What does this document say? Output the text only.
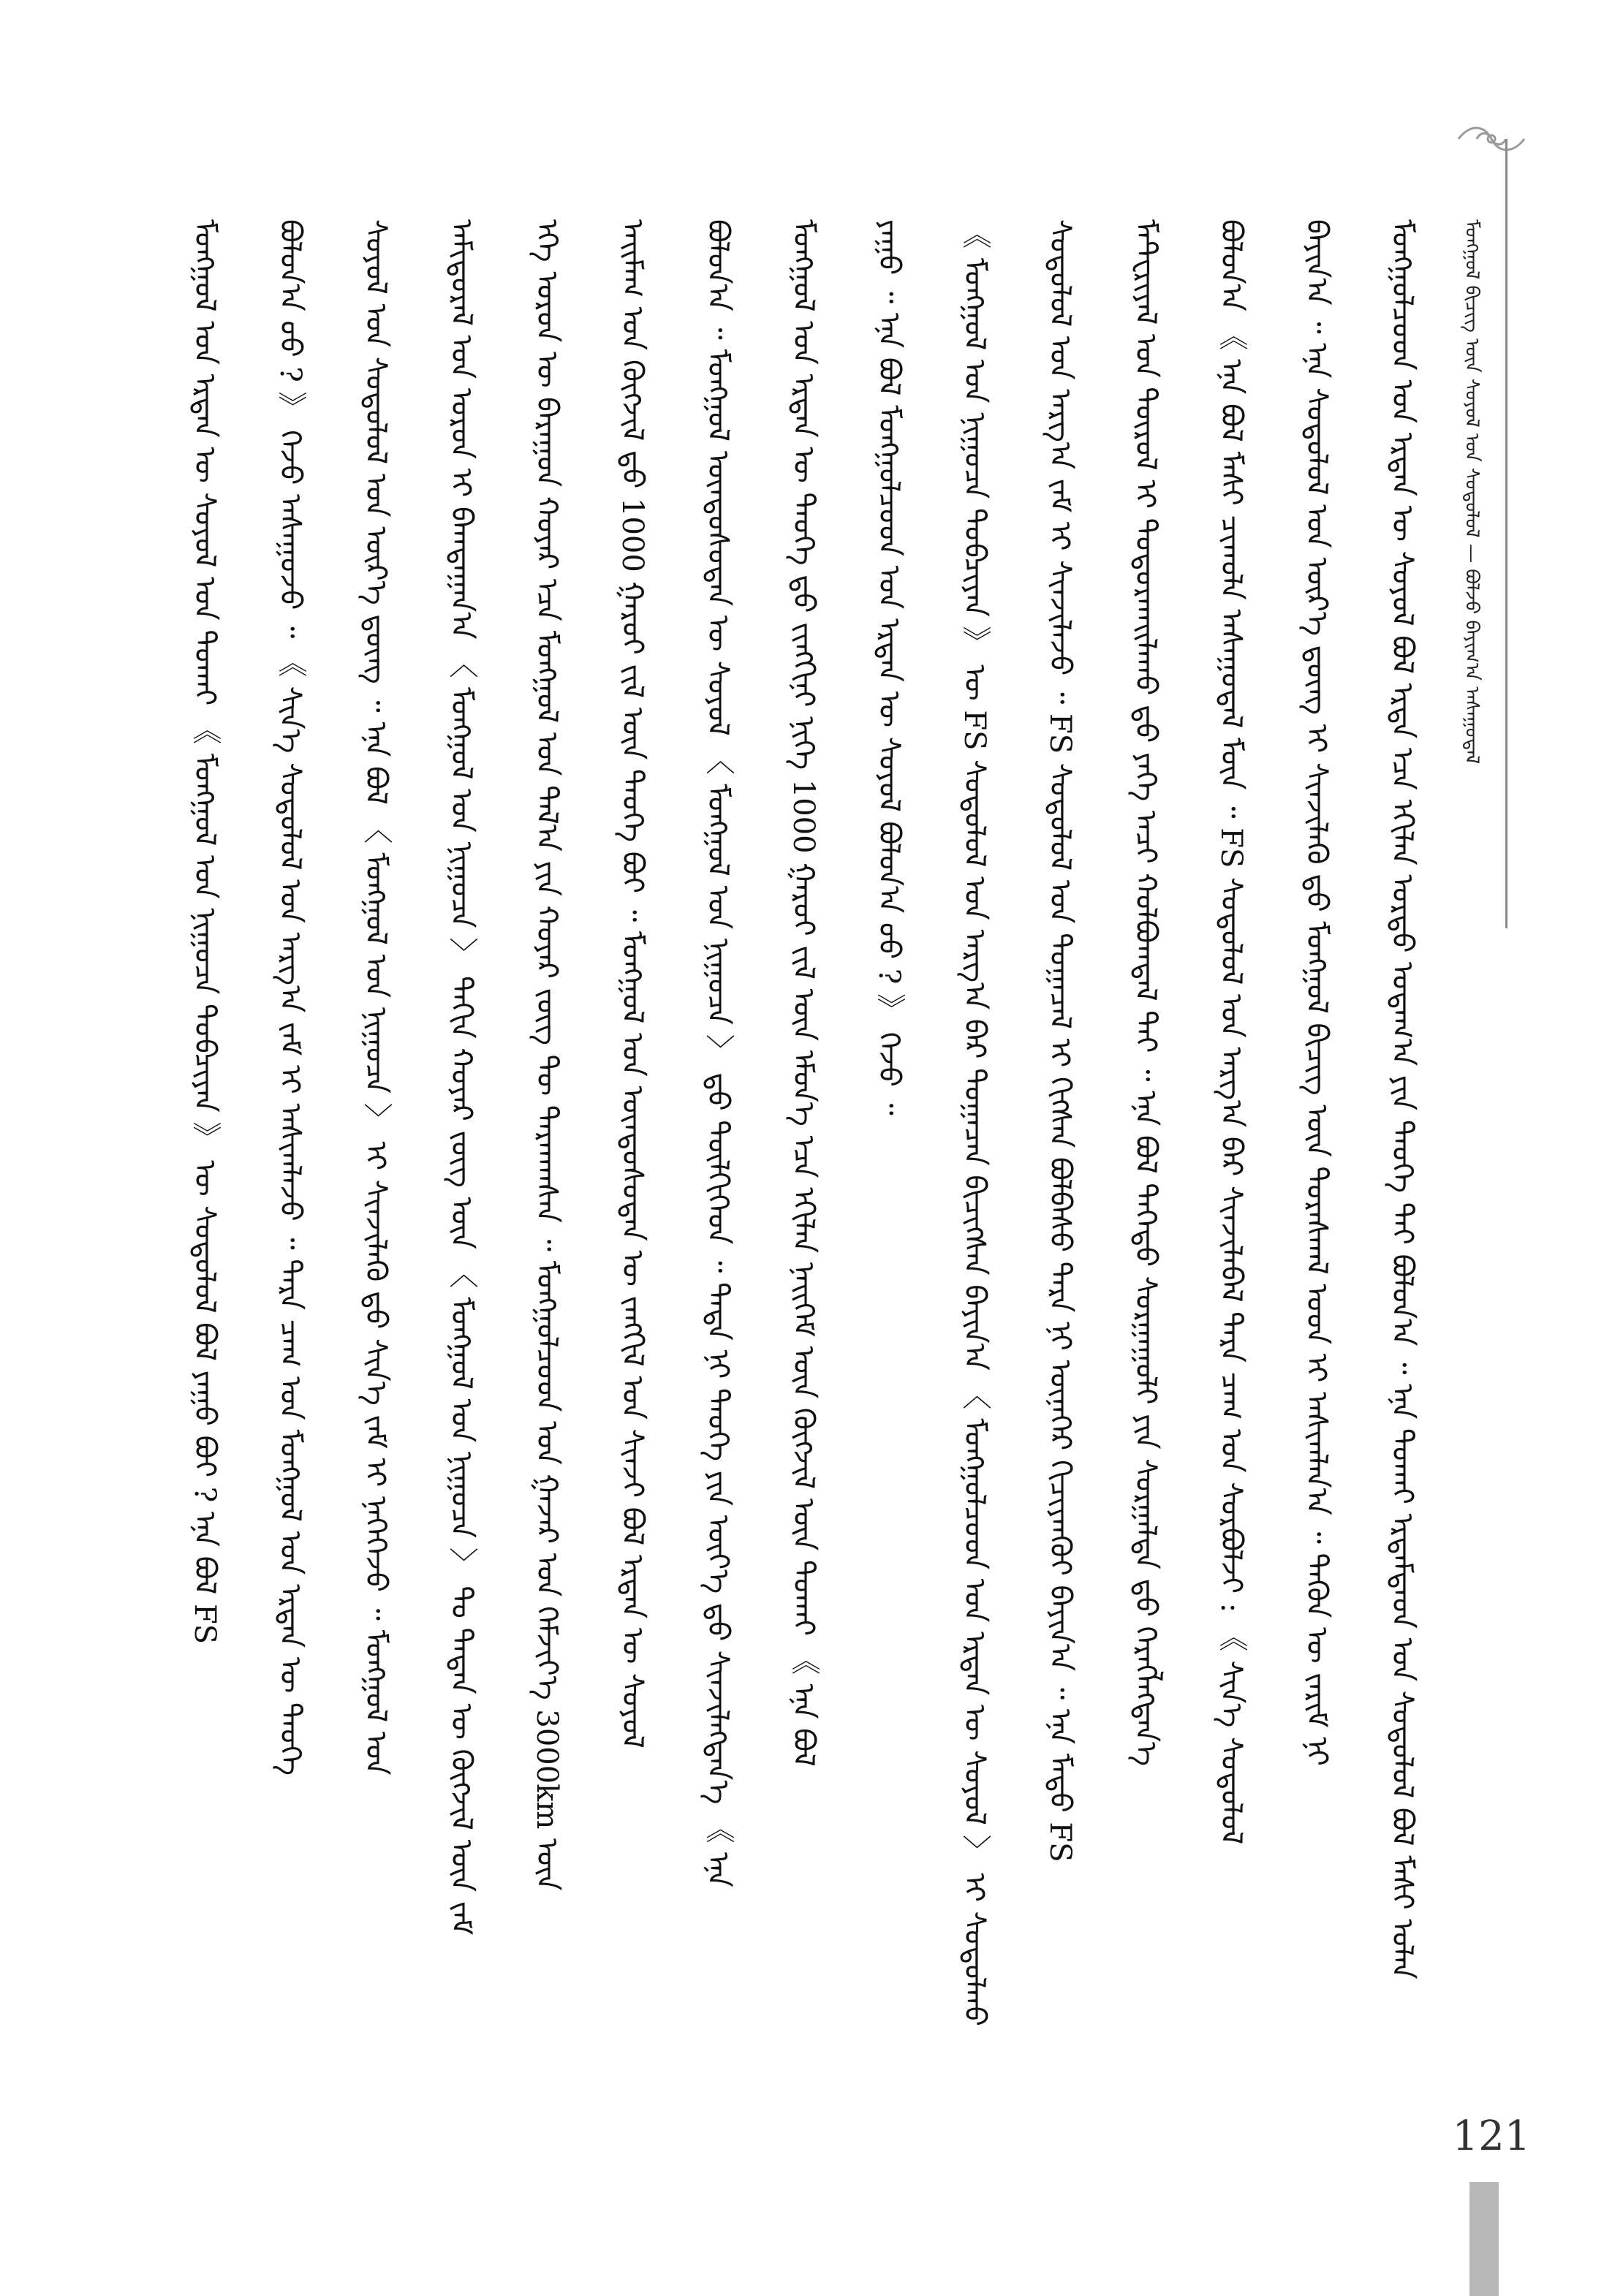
ᠮᠣᠩᠭᠣᠯ ᠪᠢᠴᠢᠭ᠌ ᠦᠨ ᠰᠣᠶᠣᠯ ᠤᠨ ᠰᠤᠳᠤᠯᠤᠯ — ᠪᠣᠯᠵᠤ ᠪᠠᠶᠢᠭ᠎ᠠ ᠠᠰᠠᠭᠤᠳᠠᠯ
ᠮᠣᠩᠭᠣᠯᠴᠤᠳ ᠤᠨ ᠡᠷᠲᠡᠨ ᠦ ᠰᠣᠶᠣᠯ ᠪᠣᠯ ᠡᠷᠲᠡ ᠡᠴᠡ ᠡᠬᠢᠯᠡᠨ ᠤᠷᠲᠤ ᠤᠳᠠᠭ᠎ᠠ ᠶᠢᠨ ᠲᠡᠦᠬᠡ ᠲᠠᠢ ᠪᠣᠯᠤᠨ᠎ᠠ ᠃ ᠡᠨᠡ ᠲᠤᠬᠠᠢ ᠡᠷᠳᠡᠮᠲᠡᠳ ᠤᠨ ᠰᠤᠳᠤᠯᠤᠯ ᠪᠣᠯ ᠮᠠᠰᠢ ᠣᠯᠠᠨ
ᠪᠠᠶᠢᠨ᠎ᠠ ᠃ ᠡᠨᠡ ᠰᠤᠳᠤᠯᠤᠯ ᠤᠨ ᠦᠷ᠎ᠡ ᠳ᠋ᠦᠩ ᠢ ᠰᠢᠨᠵᠢᠯᠡᠬᠦ ᠳ᠋ᠤ ᠮᠣᠩᠭᠣᠯ ᠪᠢᠴᠢᠭ᠌ ᠦᠨ ᠳᠤᠷᠠᠰᠬᠠᠯ ᠤᠳ ᠢ ᠠᠰᠢᠭᠯᠠᠨ᠎ᠠ ᠃ ᠲᠡᠭᠦᠨ ᠦ ᠵᠠᠷᠢᠮ ᠨᠢ
ᠪᠣᠯᠤᠨ᠎ᠠ 《 ᠡᠨᠡ ᠪᠣᠯ ᠮᠠᠰᠢ ᠴᠢᠬᠤᠯᠠ ᠠᠰᠠᠭᠤᠳᠠᠯ ᠮᠥᠨ ᠃ FS ᠰᠤᠳᠤᠯᠤᠯ ᠤᠨ ᠠᠷᠭ᠎ᠠ ᠪᠠᠷ ᠰᠢᠨᠵᠢᠯᠡᠪᠡᠯ ᠲᠡᠷᠡ ᠴᠠᠭ ᠤᠨ ᠰᠤᠷᠪᠤᠯᠵᠢ : 《 ᠰᠢᠨ᠎ᠡ ᠰᠤᠳᠤᠯᠤᠯ
ᠮᠠᠲᠧᠷᠢᠶᠠᠯ ᠤᠨ ᠲᠦᠷᠦᠯ ᠢ ᠲᠣᠳᠤᠷᠬᠠᠢᠯᠠᠬᠤ ᠳ᠋ᠤ ᠶᠡᠬᠡ ᠠᠴᠢ ᠬᠣᠯᠪᠣᠭᠳᠠᠯ ᠲᠠᠢ ᠃ ᠡᠨᠡ ᠪᠣᠯ ᠳᠡᠭᠡᠳᠦ ᠰᠤᠷᠭᠠᠭᠤᠯᠢ ᠶᠢᠨ ᠰᠤᠷᠭᠠᠯᠲᠠ ᠳ᠋ᠤ ᠬᠡᠷᠡᠭᠯᠡᠭᠳᠡᠨ᠎ᠡ
ᠰᠤᠳᠤᠯᠤᠯ ᠤᠨ ᠠᠷᠭ᠎ᠠ ᠵᠠᠮ ᠢ ᠰᠢᠨᠵᠢᠯᠡᠵᠦ ᠃ FS ᠰᠤᠳᠤᠯᠤᠯ ᠤᠨ ᠲᠣᠭᠠᠴᠠᠯ ᠢ ᠬᠢᠭᠰᠡᠨ ᠪᠣᠯᠪᠠᠰᠤ ᠲᠡᠷᠡ ᠨᠢ ᠦᠨᠡᠬᠡᠷ ᠬᠢᠴᠢᠶᠡᠨᠭᠦᠢ ᠪᠠᠶᠢᠨ᠎ᠠ ᠃ ᠡᠨᠡ ᠮᠡᠲᠦ FS
《 ᠮᠣᠩᠭᠣᠯ ᠤᠨ ᠨᠢᠭᠤᠴᠠ ᠲᠣᠪᠴᠢᠶᠠᠨ 》 ᠦ FS ᠰᠤᠳᠤᠯᠤᠯ ᠤᠨ ᠠᠷᠭ᠎ᠠ ᠪᠠᠷ ᠲᠣᠭᠠᠴᠠᠨ ᠪᠢᠴᠢᠭᠰᠡᠨ ᠪᠠᠶᠢᠨ᠎ᠠ 〈 ᠮᠣᠩᠭᠣᠯᠴᠤᠳ ᠤᠨ ᠡᠷᠲᠡᠨ ᠦ ᠰᠣᠶᠣᠯ 〉 ᠢ ᠰᠤᠳᠤᠯᠬᠤ
ᠶᠠᠭᠤ ᠃ ᠡᠨᠡ ᠪᠣᠯ ᠮᠣᠩᠭᠣᠯᠴᠤᠳ ᠤᠨ ᠡᠷᠲᠡᠨ ᠦ ᠰᠣᠶᠣᠯ ᠪᠣᠯᠤᠨ᠎ᠠ ᠤᠤ ? 》 ᠭᠡᠵᠦ ᠃
ᠮᠣᠩᠭᠣᠯ ᠤᠨ ᠡᠷᠲᠡᠨ ᠦ ᠲᠡᠦᠬᠡ ᠳ᠋ᠤ ᠵᠢᠩᠬᠢᠨᠢ ᠨᠢᠭᠡ 1000 ᠭᠠᠷᠤᠢ ᠵᠢᠯ ᠦᠨ ᠡᠮᠦᠨ᠎ᠡ ᠡᠴᠡ ᠡᠬᠢᠯᠡᠨ ᠨᠡᠢᠭᠡᠮ ᠦᠨ ᠬᠥᠭᠵᠢᠯ ᠦᠨ ᠲᠤᠬᠠᠢ 《 ᠡᠨᠡ ᠪᠣᠯ
ᠪᠣᠯᠤᠨ᠎ᠠ ᠃ ᠮᠣᠩᠭᠣᠯ ᠦᠨᠳᠦᠰᠦᠲᠡᠨ ᠦ ᠰᠣᠶᠣᠯ 〈 ᠮᠣᠩᠭᠣᠯ ᠤᠨ ᠨᠢᠭᠤᠴᠠ 〉 ᠳ᠋ᠤ ᠲᠦᠯᠬᠢᠭᠡᠳ ᠃ ᠲᠡᠳᠡ ᠨᠢ ᠲᠡᠦᠬᠡ ᠶᠢᠨ ᠦᠶ᠎ᠡ ᠳ᠋ᠤ ᠰᠢᠨᠵᠢᠯᠡᠭᠳᠡᠨ᠎ᠡ 《 ᠡᠨᠡ
ᠠᠢᠮᠠᠭ ᠤᠨ ᠬᠥᠭᠵᠢᠯ ᠳ᠋ᠤ 1000 ᠭᠠᠷᠤᠢ ᠵᠢᠯ ᠦᠨ ᠲᠡᠦᠬᠡ ᠪᠤᠢ ᠃ ᠮᠣᠩᠭᠣᠯ ᠤᠨ ᠦᠨᠳᠦᠰᠦᠲᠡᠨ ᠦ ᠵᠠᠩᠬᠢᠯ ᠤᠨ ᠰᠢᠨᠵᠢ ᠪᠣᠯ ᠡᠷᠲᠡᠨ ᠦ ᠰᠣᠶᠣᠯ
ᠡᠬᠡ ᠣᠷᠣᠨ ᠦ ᠪᠠᠷᠠᠭᠤᠨ ᠬᠣᠶᠠᠷ ᠡᠴᠡ ᠮᠣᠩᠭᠣᠯ ᠤᠨ ᠲᠠᠯ᠎ᠠ ᠶᠢᠨ ᠬᠣᠶᠠᠷ ᠵᠦᠭ ᠲᠦ ᠲᠠᠷᠬᠠᠭᠰᠠᠨ ᠃ ᠮᠣᠩᠭᠣᠯᠴᠤᠳ ᠤᠨ ᠭᠠᠵᠠᠷ ᠤᠨ ᠬᠡᠮᠵᠢᠶ᠎ᠡ 3000km ᠦᠨ
ᠠᠮᠢᠳᠤᠷᠠᠯ ᠤᠨ ᠣᠷᠣᠨ ᠢ ᠪᠠᠭᠲᠠᠭᠠᠨ᠎ᠠ 〈 ᠮᠣᠩᠭᠣᠯ ᠤᠨ ᠨᠢᠭᠤᠴᠠ 〉 ᠳᠠᠬᠢᠨ ᠬᠣᠶᠠᠷ ᠵᠦᠭ ᠦᠨ 〈 ᠮᠣᠩᠭᠣᠯ ᠤᠨ ᠨᠢᠭᠤᠴᠠ 〉 ᠲᠤ ᠲᠡᠳᠡᠨ ᠦ ᠬᠥᠭᠵᠢᠯ ᠦᠨ ᠵᠠᠮ
ᠰᠣᠶᠣᠯ ᠤᠨ ᠰᠤᠳᠤᠯᠤᠯ ᠤᠨ ᠦᠷ᠎ᠡ ᠳ᠋ᠦᠩ ᠃ ᠡᠨᠡ ᠪᠣᠯ 〈 ᠮᠣᠩᠭᠣᠯ ᠤᠨ ᠨᠢᠭᠤᠴᠠ 〉 ᠢ ᠰᠢᠨᠵᠢᠯᠡᠬᠦ ᠳ᠋ᠤ ᠰᠢᠨ᠎ᠡ ᠵᠠᠮ ᠢ ᠨᠡᠭᠡᠭᠡᠵᠦ ᠃ ᠮᠣᠩᠭᠣᠯ ᠤᠨ
ᠪᠣᠯᠤᠨ᠎ᠠ ᠤᠤ ? 》 ᠭᠡᠵᠦ ᠠᠰᠠᠭᠤᠵᠤ ᠃ 《 ᠰᠢᠨ᠎ᠡ ᠰᠤᠳᠤᠯᠤᠯ ᠤᠨ ᠠᠷᠭ᠎ᠠ ᠵᠠᠮ ᠢ ᠠᠰᠢᠭᠯᠠᠵᠤ ᠃ ᠲᠡᠷᠡ ᠴᠠᠭ ᠤᠨ ᠮᠣᠩᠭᠣᠯ ᠤᠨ ᠡᠷᠲᠡᠨ ᠦ ᠲᠡᠦᠬᠡ
ᠮᠣᠩᠭᠣᠯ ᠤᠨ ᠡᠷᠲᠡᠨ ᠦ ᠰᠣᠶᠣᠯ ᠤᠨ ᠲᠤᠬᠠᠢ 《 ᠮᠣᠩᠭᠣᠯ ᠤᠨ ᠨᠢᠭᠤᠴᠠ ᠲᠣᠪᠴᠢᠶᠠᠨ 》 ᠦ ᠰᠤᠳᠤᠯᠤᠯ ᠪᠣᠯ ᠶᠠᠭᠤ ᠪᠤᠢ ? ᠡᠨᠡ ᠪᠣᠯ FS
121
